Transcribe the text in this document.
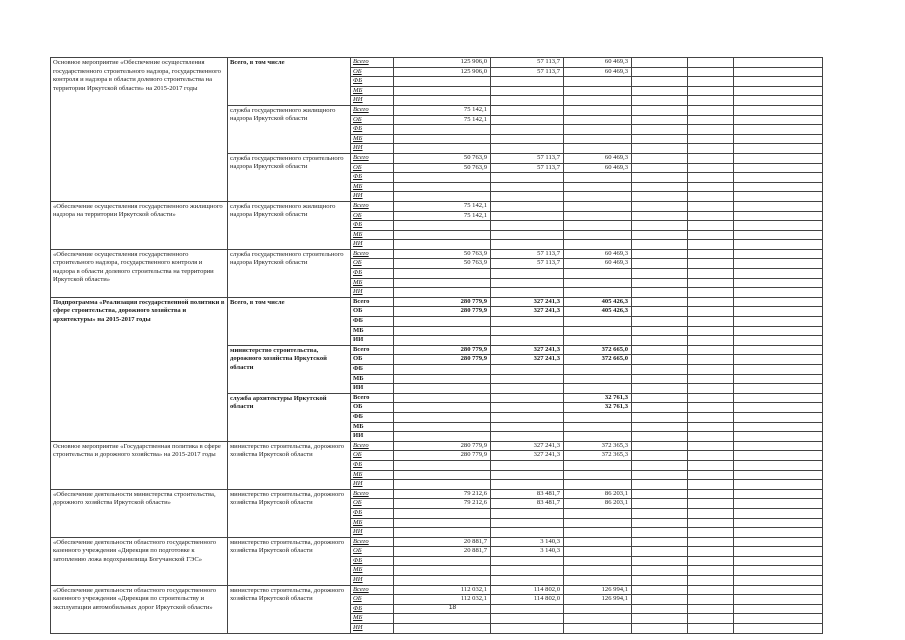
Основное мероприятие «Обеспечение осуществления государственного строительного надзора, государственного контроля и надзора в области долевого строительства на территории Иркутской области» на 2015-2017 годы	Всего, в том числе	Всего	125 906,0	57 113,7	60 469,3			
		ОБ	125 906,0	57 113,7	60 469,3			
		ФБ						
		МБ						
		ИИ						
	служба государственного жилищного надзора Иркутской области	Всего	75 142,1					
		ОБ	75 142,1					
		ФБ						
		МБ						
		ИИ						
	служба государственного строительного надзора Иркутской области	Всего	50 763,9	57 113,7	60 469,3			
		ОБ	50 763,9	57 113,7	60 469,3			
		ФБ						
		МБ						
		ИИ						
«Обеспечение осуществления государственного жилищного надзора на территории Иркутской области»	служба государственного жилищного надзора Иркутской области	Всего	75 142,1					
		ОБ	75 142,1					
		ФБ						
		МБ						
		ИИ						
«Обеспечение осуществления государственного строительного надзора, государственного контроля и надзора в области долевого строительства на территории Иркутской области»	служба государственного строительного надзора Иркутской области	Всего	50 763,9	57 113,7	60 469,3			
		ОБ	50 763,9	57 113,7	60 469,3			
		ФБ						
		МБ						
		ИИ						
Подпрограмма «Реализация государственной политики в сфере строительства, дорожного хозяйства и архитектуры» на 2015-2017 годы	Всего, в том числе	Всего	280 779,9	327 241,3	405 426,3			
		ОБ	280 779,9	327 241,3	405 426,3			
		ФБ						
		МБ						
		ИИ						
	министерство строительства, дорожного хозяйства Иркутской области	Всего	280 779,9	327 241,3	372 665,0			
		ОБ	280 779,9	327 241,3	372 665,0			
		ФБ						
		МБ						
		ИИ						
	служба архитектуры Иркутской области	Всего			32 761,3			
		ОБ			32 761,3			
		ФБ						
		МБ						
		ИИ						
Основное мероприятие «Государственная политика в сфере строительства и дорожного хозяйства» на 2015-2017 годы	министерство строительства, дорожного хозяйства Иркутской области	Всего	280 779,9	327 241,3	372 365,3			
		ОБ	280 779,9	327 241,3	372 365,3			
		ФБ						
		МБ						
		ИИ						
«Обеспечение деятельности министерства строительства, дорожного хозяйства Иркутской области»	министерство строительства, дорожного хозяйства Иркутской области	Всего	79 212,6	83 481,7	86 203,1			
		ОБ	79 212,6	83 481,7	86 203,1			
		ФБ						
		МБ						
		ИИ						
«Обеспечение деятельности областного государственного казенного учреждения «Дирекция по подготовке к затоплению ложа водохранилища Богучанской ГЭС»	министерство строительства, дорожного хозяйства Иркутской области	Всего	20 881,7	3 140,3				
		ОБ	20 881,7	3 140,3				
		ФБ						
		МБ						
		ИИ						
«Обеспечение деятельности областного государственного казенного учреждения «Дирекция по строительству и эксплуатации автомобильных дорог Иркутской области»	министерство строительства, дорожного хозяйства Иркутской области	Всего	112 032,1	114 802,0	126 994,1			
		ОБ	112 032,1	114 802,0	126 994,1			
		ФБ						
		МБ						
		ИИ						
18
